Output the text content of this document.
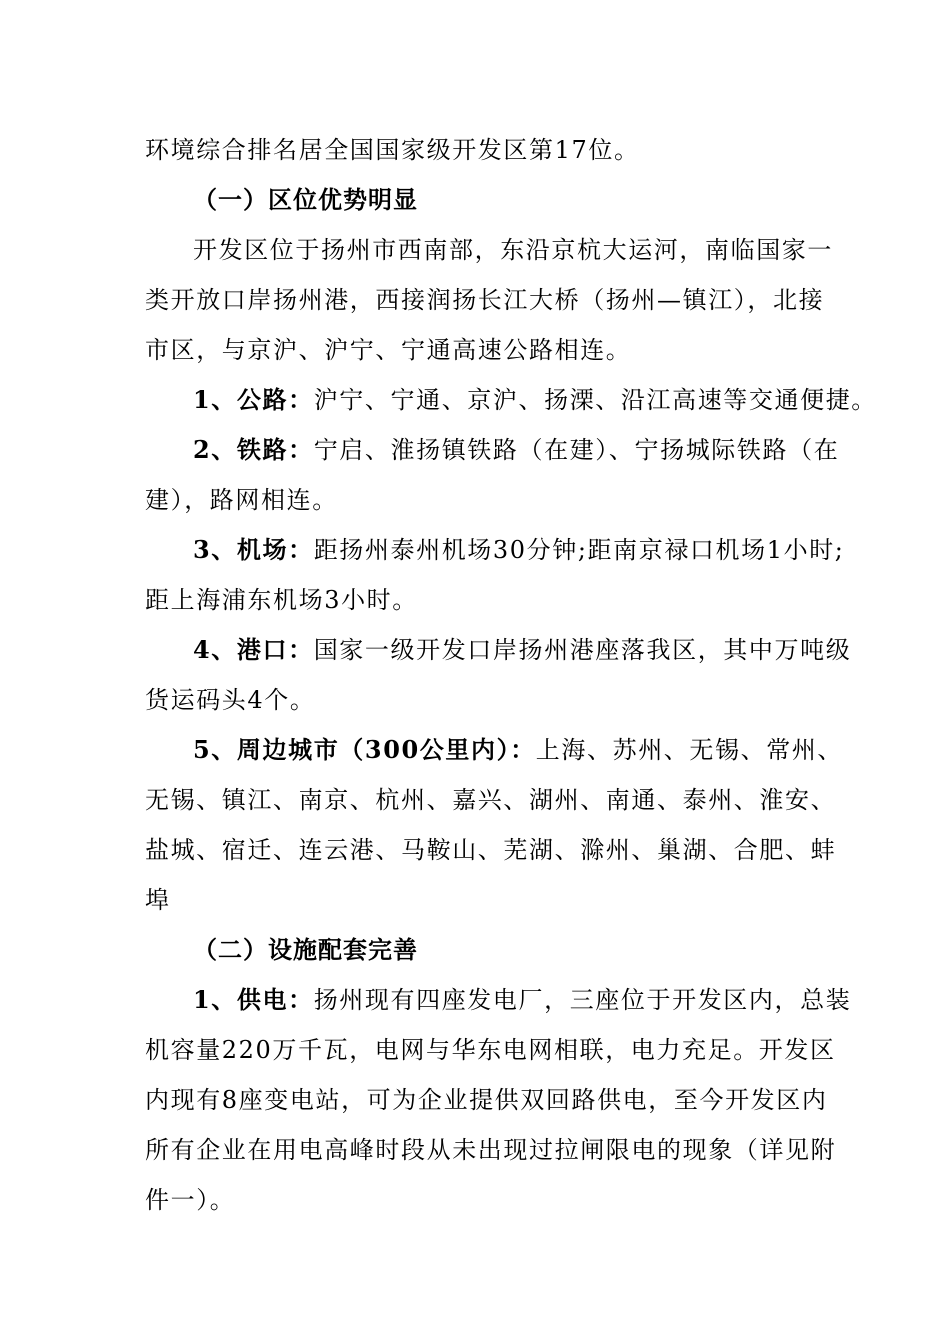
环境综合排名居全国国家级开发区第17位。
（一）区位优势明显
开发区位于扬州市西南部，东沿京杭大运河，南临国家一
类开放口岸扬州港，西接润扬长江大桥（扬州—镇江），北接
市区，与京沪、沪宁、宁通高速公路相连。
1、公路：沪宁、宁通、京沪、扬溧、沿江高速等交通便捷。
2、铁路：宁启、淮扬镇铁路（在建）、宁扬城际铁路（在
建），路网相连。
3、机场：距扬州泰州机场30分钟;距南京禄口机场1小时;
距上海浦东机场3小时。
4、港口：国家一级开发口岸扬州港座落我区，其中万吨级
货运码头4个。
5、周边城市（300公里内）：上海、苏州、无锡、常州、
无锡、镇江、南京、杭州、嘉兴、湖州、南通、泰州、淮安、
盐城、宿迁、连云港、马鞍山、芜湖、滁州、巢湖、合肥、蚌
埠
（二）设施配套完善
1、供电：扬州现有四座发电厂，三座位于开发区内，总装
机容量220万千瓦，电网与华东电网相联，电力充足。开发区
内现有8座变电站，可为企业提供双回路供电，至今开发区内
所有企业在用电高峰时段从未出现过拉闸限电的现象（详见附
件一）。
